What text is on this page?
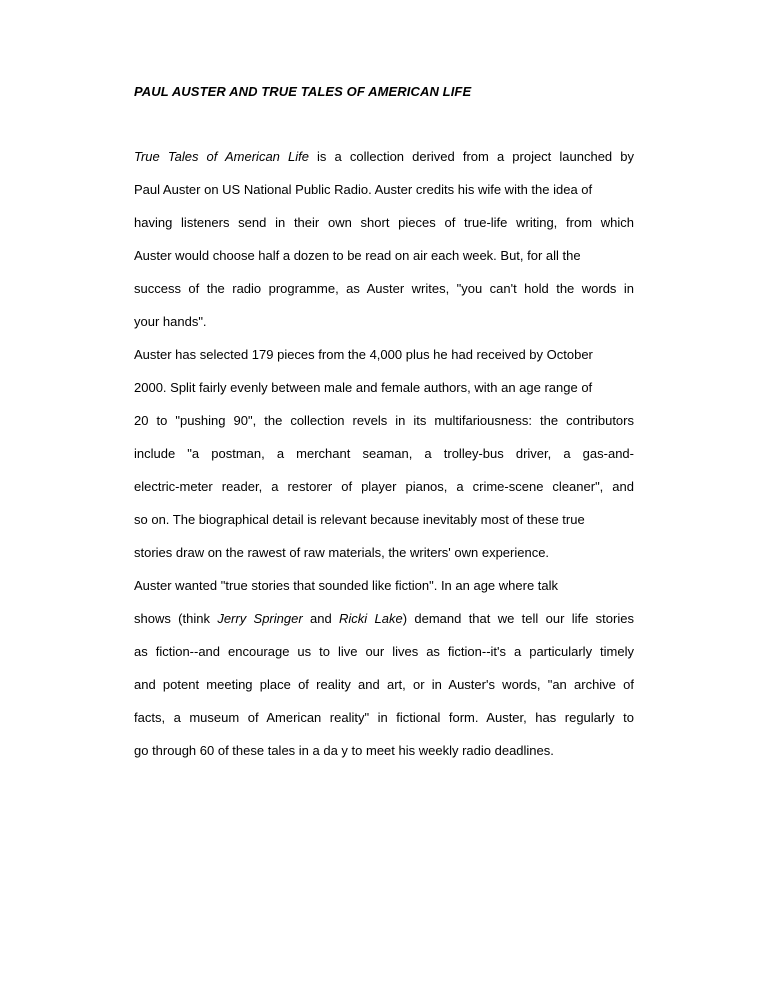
PAUL AUSTER AND TRUE TALES OF AMERICAN LIFE
True Tales of American Life is a collection derived from a project launched by
Paul Auster on US National Public Radio. Auster credits his wife with the idea of
having listeners send in their own short pieces of true-life writing, from which
Auster would choose half a dozen to be read on air each week. But, for all the
success of the radio programme, as Auster writes, "you can't hold the words in
your hands".
Auster has selected 179 pieces from the 4,000 plus he had received by October
2000. Split fairly evenly between male and female authors, with an age range of
20 to "pushing 90", the collection revels in its multifariousness: the contributors
include "a postman, a merchant seaman, a trolley-bus driver, a gas-and-
electric-meter reader, a restorer of player pianos, a crime-scene cleaner", and
so on. The biographical detail is relevant because inevitably most of these true
stories draw on the rawest of raw materials, the writers' own experience.
Auster wanted "true stories that sounded like fiction". In an age where talk
shows (think Jerry Springer and Ricki Lake) demand that we tell our life stories
as fiction--and encourage us to live our lives as fiction--it's a particularly timely
and potent meeting place of reality and art, or in Auster's words, "an archive of
facts, a museum of American reality" in fictional form. Auster, has regularly to
go through 60 of these tales in a da y to meet his weekly radio deadlines.
